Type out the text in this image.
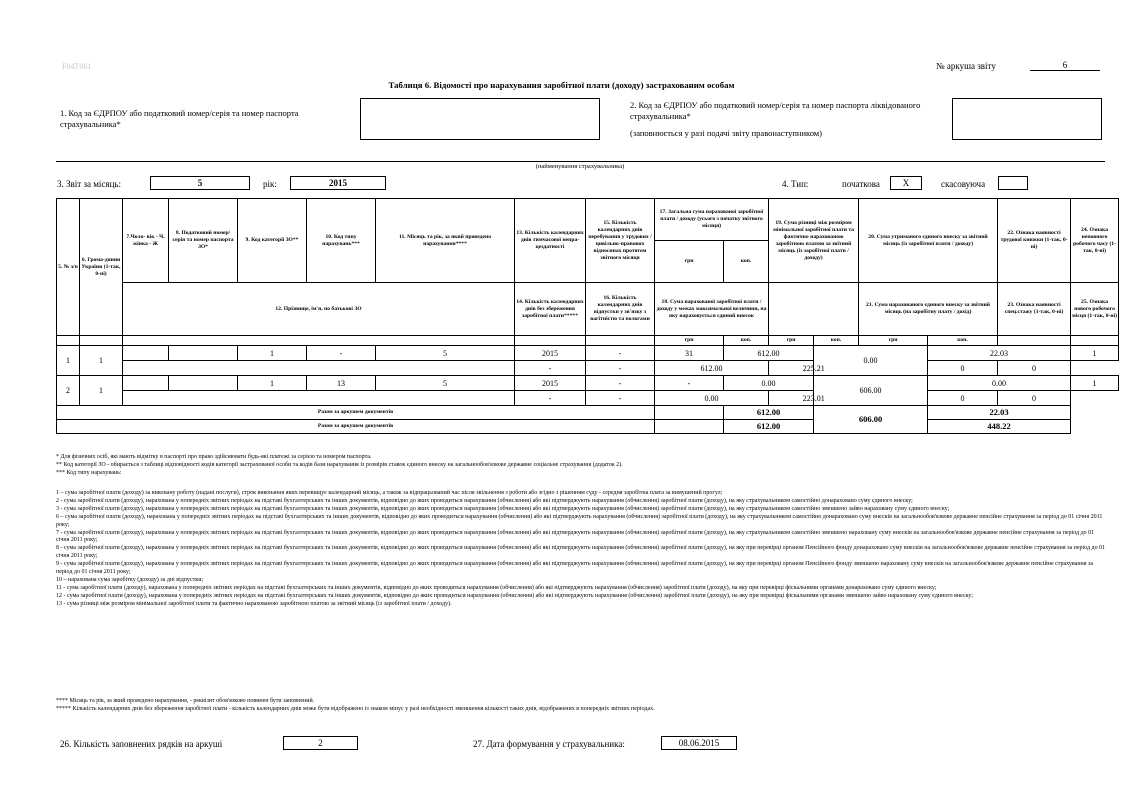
F04T061	№ аркуша звіту	6
Таблиця 6. Відомості про нарахування заробітної плати (доходу) застрахованим особам
1. Код за ЄДРПОУ або податковий номер/серія та номер паспорта страхувальника*
2. Код за ЄДРПОУ або податковий номер/серія та номер паспорта ліквідованого страхувальника*
(заповнюється у разі подачі звіту правонаступником)
(найменування страхувальника)
3. Звіт за місяць:	5	рік:	2015	4. Тип:	початкова	X	скасовуюча
5. № з/п	6. Грома-дянин України (1-так, 0-ні)	7.Чоло- вік - Ч, жінка - Ж	8. Податковий номер/ серія та номер паспорта ЗО*	9. Код категорії ЗО**	10. Код типу нарахувань***	11. Місяць та рік, за який проведено нарахування****	13. Кількість календарних днів тимчасової непра-цездатності	15. Кількість календарних днів перебування у трудових / цивільно-правових відносинах протягом звітного місяця	17. Загальна сума нарахованої заробітної плати / доходу (усього з початку звітного місяця)		19. Сума різниці між розміром мінімальної заробітної плати та фактично нарахованою заробітною платою за звітний місяць (із заробітної плати / доходу)		20. Сума утриманого єдиного внеску за звітний місяць (із заробітної плати / доходу)		22. Ознака наявності трудової книжки (1-так, 0-ні)	24. Ознака неповного робочого часу (1-так, 0-ні)	
									грн	коп.							
		12. Прізвище, ім'я, по батькові ЗО					14. Кількість календарних днів без збереження заробітної плати*****	16. Кількість календарних днів відпустки у зв'язку з вагітністю та пологами	18. Сума нарахованої заробітної плати / доходу у межах максимальної величини, на яку нараховується єдиний внесок				21. Сума нарахованого єдиного внеску за звітний місяць (на заробітну плату / дохід)		23. Ознака наявності спец.стажу (1-так, 0-ні)	25. Ознака нового робочого місця (1-так, 0-ні)	
									грн	коп.	грн	коп.	грн	коп.			
1	1			1	-	5	2015	-	31	612.00		0.00		22.03		1	
							-	-	612.00		225.21			0	0		
2	1			1	13	5	2015	-	-	0.00		606.00		0.00		1	
							-	-	0.00		223.01			0	0		
Разом за аркушем документів										612.00		606.00		22.03			
Разом за аркушем документів										612.00				448.22			
* Для фізичних осіб, які мають відмітку в паспорті про право здійснювати будь-які платежі за серією та номером паспорта.
** Код категорії ЗО - обирається з таблиці відповідності кодів категорії застрахованої особи та кодів бази нарахування із розмірів ставок єдиного внеску на загальнообов'язкове державне соціальне страхування (додаток 2).
*** Код типу нарахувань:
1 – сума заробітної плати (доходу) за виконану роботу (надані послуги), строк виконання яких перевищує календарний місяць, а також за відпрацьований час після звільнення з роботи або згідно з рішенням суду - середня заробітна плата за вимушений прогул;
2 - сума заробітної плати (доходу), нарахована у попередніх звітних періодах на підставі бухгалтерських та інших документів, відповідно до яких проводиться нарахування (обчислення) або які підтверджують нарахування (обчислення) заробітної плати (доходу), на яку страхувальником самостійно донараховано суму єдиного внеску;
3 - сума заробітної плати (доходу), нарахована у попередніх звітних періодах на підставі бухгалтерських та інших документів, відповідно до яких проводиться нарахування (обчислення) або які підтверджують нарахування (обчислення) заробітної плати (доходу), на яку страхувальником самостійно зменшено зайво нараховану суму єдиного внеску;
6 – сума заробітної плати (доходу), нарахована у попередніх звітних періодах на підставі бухгалтерських та інших документів, відповідно до яких проводиться нарахування (обчислення) або які підтверджують нарахування (обчислення) заробітної плати (доходу), на яку страхувальником самостійно донараховано суму внесків на загальнообов'язкове державне пенсійне страхування за період до 01 січня 2011 року;
7 - сума заробітної плати (доходу), нарахована у попередніх звітних періодах на підставі бухгалтерських та інших документів, відповідно до яких проводиться нарахування (обчислення) або які підтверджують нарахування (обчислення) заробітної плати (доходу), на яку страхувальником самостійно зменшено нараховану суму внесків на загальнообов'язкове державне пенсійне страхування за період до 01 січня 2011 року;
8 - сума заробітної плати (доходу), нарахована у попередніх звітних періодах на підставі бухгалтерських та інших документів, відповідно до яких проводиться нарахування (обчислення) або які підтверджують нарахування (обчислення) заробітної плати (доходу), на яку при перевірці органом Пенсійного фонду донараховано суму внесків на загальнообов'язкове державне пенсійне страхування за період до 01 січня 2011 року;
9 - сума заробітної плати (доходу), нарахована у попередніх звітних періодах на підставі бухгалтерських та інших документів, відповідно до яких проводиться нарахування (обчислення) або які підтверджують нарахування (обчислення) заробітної плати (доходу), на яку при перевірці органом Пенсійного фонду зменшено нараховану суму внесків на загальнообов'язкове державне пенсійне страхування за період до 01 січня 2011 року;
10 – нарахована сума заробітку (доходу) за дні відпустки;
11 - сума заробітної плати (доходу), нарахована у попередніх звітних періодах на підставі бухгалтерських та інших документів, відповідно до яких проводиться нарахування (обчислення) або які підтверджують нарахування (обчислення) заробітної плати (доходу), на яку при перевірці фіскальними органами донараховано суму єдиного внеску;
12 - сума заробітної плати (доходу), нарахована у попередніх звітних періодах на підставі бухгалтерських та інших документів, відповідно до яких проводиться нарахування (обчислення) або які підтверджують нарахування (обчислення) заробітної плати (доходу), на яку при перевірці фіскальними органами зменшено зайво нараховану суму єдиного внеску;
13 - сума різниці між розміром мінімальної заробітної плати та фактично нарахованою заробітною платою за звітний місяць (із заробітної плати / доходу).
**** Місяць та рік, за який проведено нарахування, - реквізит обов'язково повинен бути заповнений.
***** Кількість календарних днів без збереження заробітної плати - кількість календарних днів може бути відображено із знаком мінус у разі необхідності зменшення кількості таких днів, відображених в попередніх звітних періодах.
26. Кількість заповнених рядків на аркуші	2	27. Дата формування у страхувальника:	08.06.2015
